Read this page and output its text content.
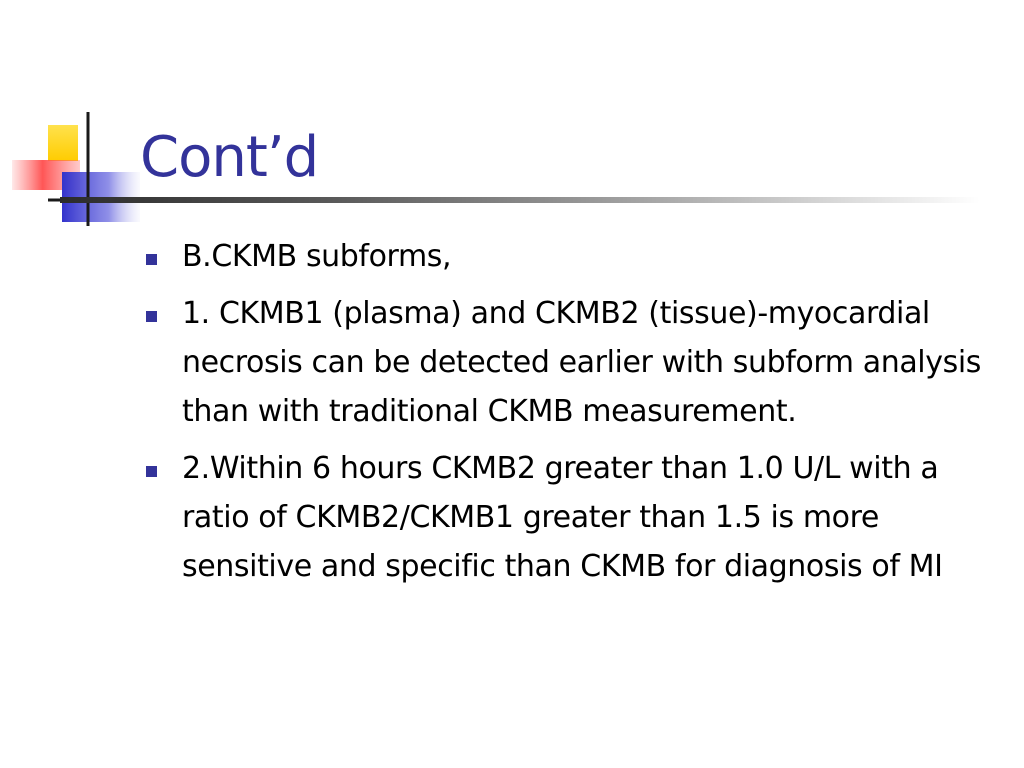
Cont’d
B.CKMB subforms,
1. CKMB1 (plasma) and CKMB2 (tissue)-myocardial necrosis can be detected earlier with subform analysis than with traditional CKMB measurement.
2.Within 6 hours CKMB2 greater than 1.0 U/L with a ratio of CKMB2/CKMB1 greater than 1.5 is more sensitive and specific than CKMB for diagnosis of MI
